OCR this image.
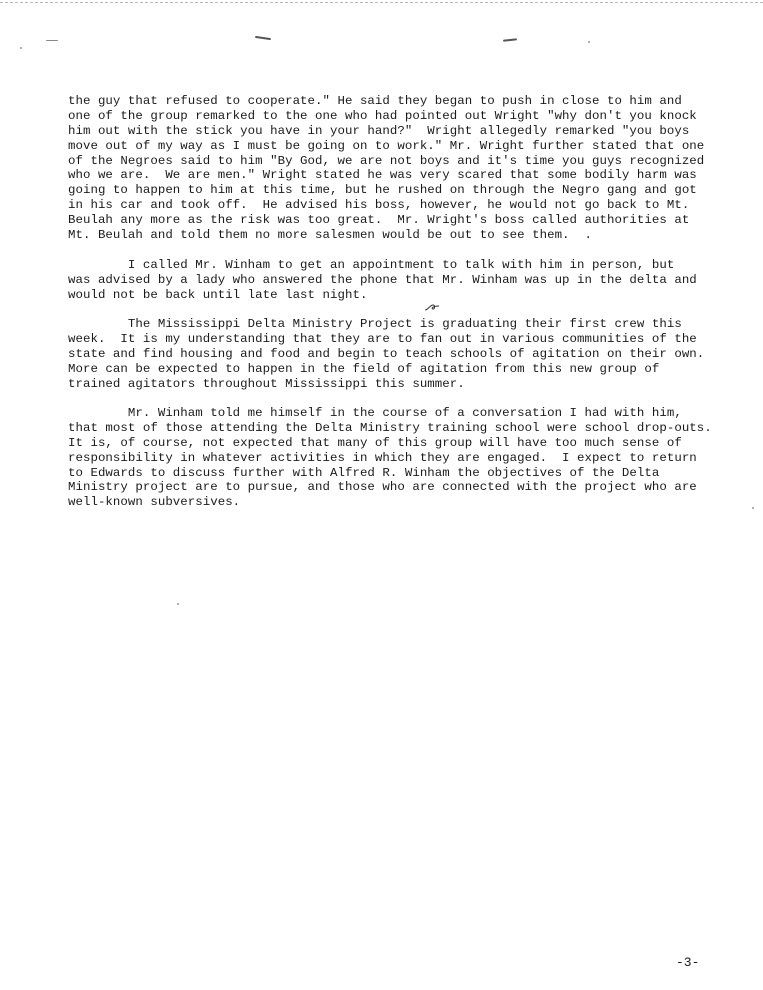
the guy that refused to cooperate." He said they began to push in close to him and
one of the group remarked to the one who had pointed out Wright "why don't you knock
him out with the stick you have in your hand?"  Wright allegedly remarked "you boys
move out of my way as I must be going on to work." Mr. Wright further stated that one
of the Negroes said to him "By God, we are not boys and it's time you guys recognized
who we are.  We are men." Wright stated he was very scared that some bodily harm was
going to happen to him at this time, but he rushed on through the Negro gang and got
in his car and took off.  He advised his boss, however, he would not go back to Mt.
Beulah any more as the risk was too great.  Mr. Wright's boss called authorities at
Mt. Beulah and told them no more salesmen would be out to see them.  .
I called Mr. Winham to get an appointment to talk with him in person, but
was advised by a lady who answered the phone that Mr. Winham was up in the delta and
would not be back until late last night.
The Mississippi Delta Ministry Project is graduating their first crew this
week.  It is my understanding that they are to fan out in various communities of the
state and find housing and food and begin to teach schools of agitation on their own.
More can be expected to happen in the field of agitation from this new group of
trained agitators throughout Mississippi this summer.
Mr. Winham told me himself in the course of a conversation I had with him,
that most of those attending the Delta Ministry training school were school drop-outs.
It is, of course, not expected that many of this group will have too much sense of
responsibility in whatever activities in which they are engaged.  I expect to return
to Edwards to discuss further with Alfred R. Winham the objectives of the Delta
Ministry project are to pursue, and those who are connected with the project who are
well-known subversives.
-3-
